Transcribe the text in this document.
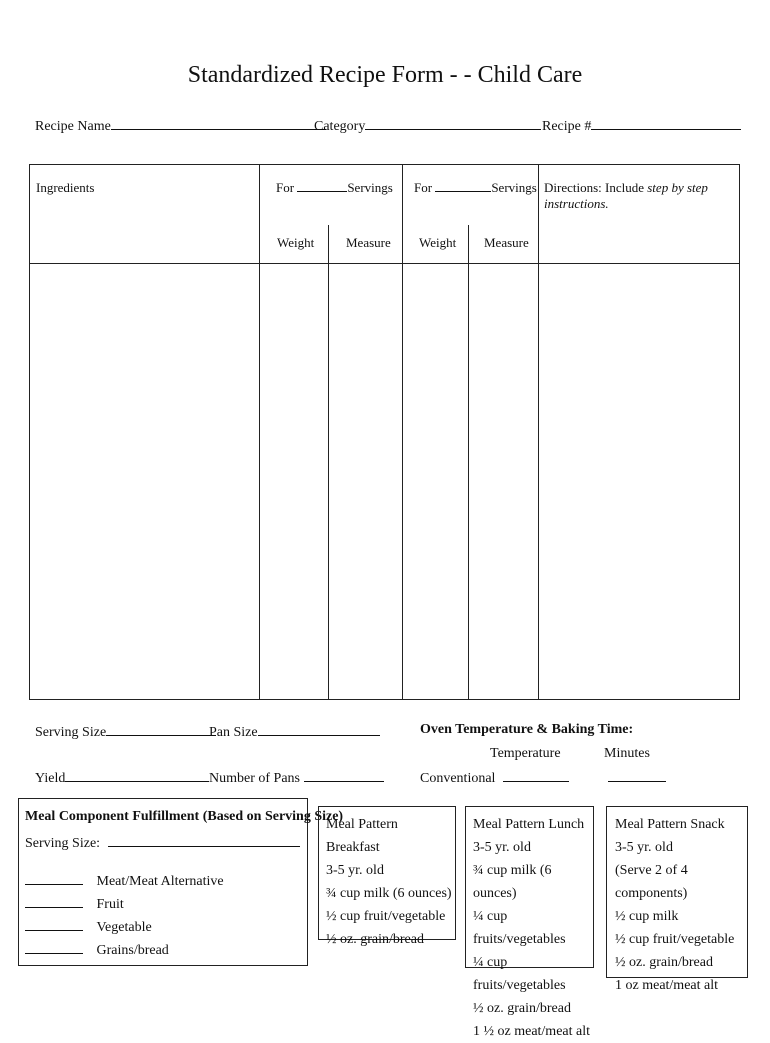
Standardized Recipe Form - - Child Care
Recipe Name	Category	Recipe #
Ingredients	For	Servings For	Servings Directions: Include step by step instructions.
Weight Measure Weight Measure
Serving Size	Pan Size	Oven Temperature & Baking Time:
Temperature	Minutes
Yield	Number of Pans	Conventional
Meal Component Fulfillment (Based on Serving Size)
Serving Size:
Meat/Meat Alternative
Fruit
Vegetable
Grains/bread
Meal Pattern Breakfast
3-5 yr. old
¾ cup milk (6 ounces)
½ cup fruit/vegetable
½ oz. grain/bread
Meal Pattern Lunch
3-5 yr. old
¾ cup milk (6 ounces)
¼ cup fruits/vegetables
¼ cup fruits/vegetables
½ oz. grain/bread
1 ½ oz meat/meat alt
Meal Pattern Snack
3-5 yr. old
(Serve 2 of 4 components)
½ cup milk
½ cup fruit/vegetable
½ oz. grain/bread
1 oz meat/meat alt
